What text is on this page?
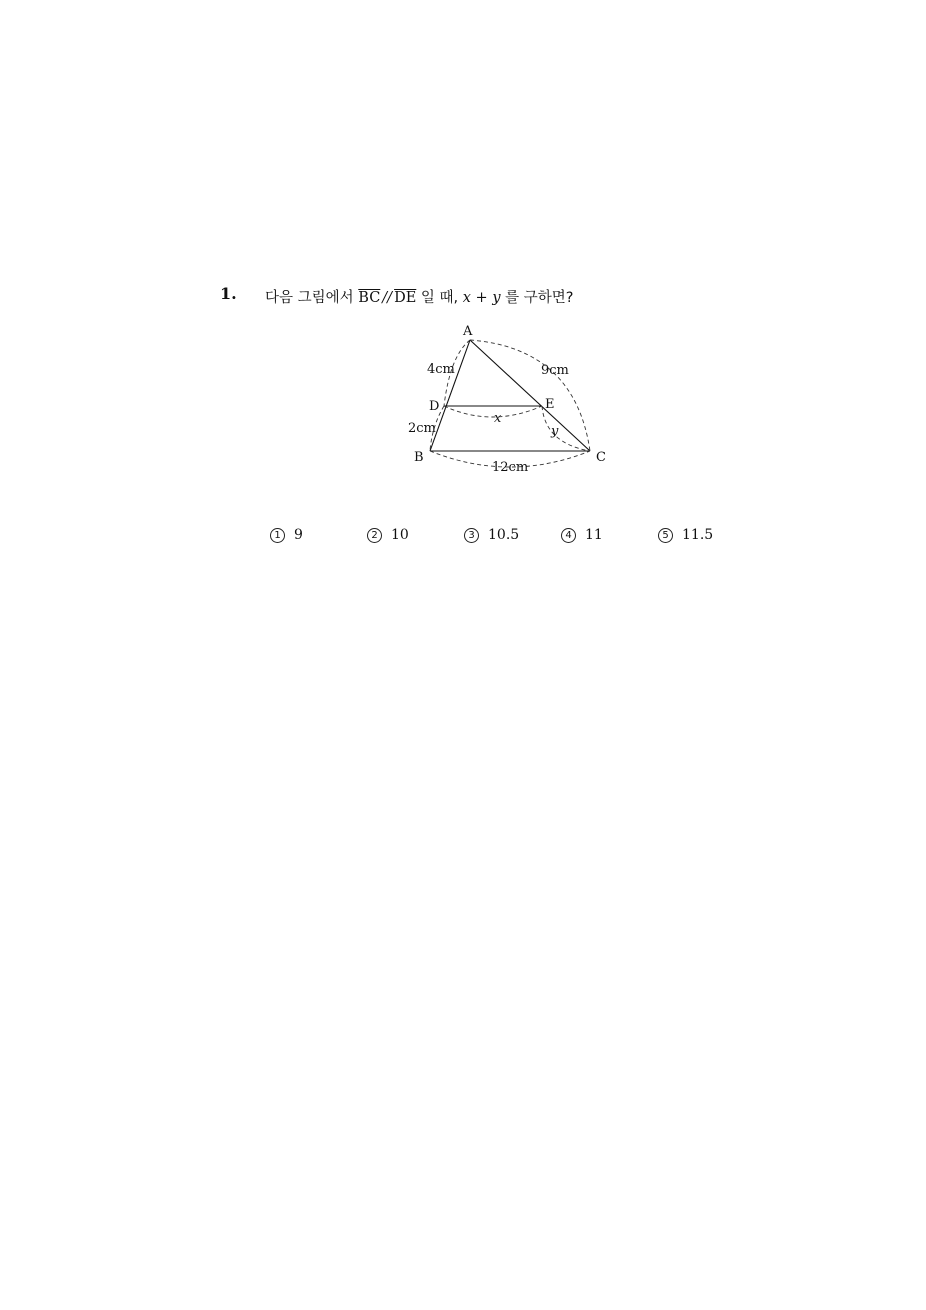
1. 다음 그림에서 $\overline{BC} // \overline{DE}$ 일 때, x + y 를 구하면?
A
B	C
D	E
4cm	9cm
2cm
12cm
x
y
1 9	2 10	3 10.5	4 11	5 11.5
